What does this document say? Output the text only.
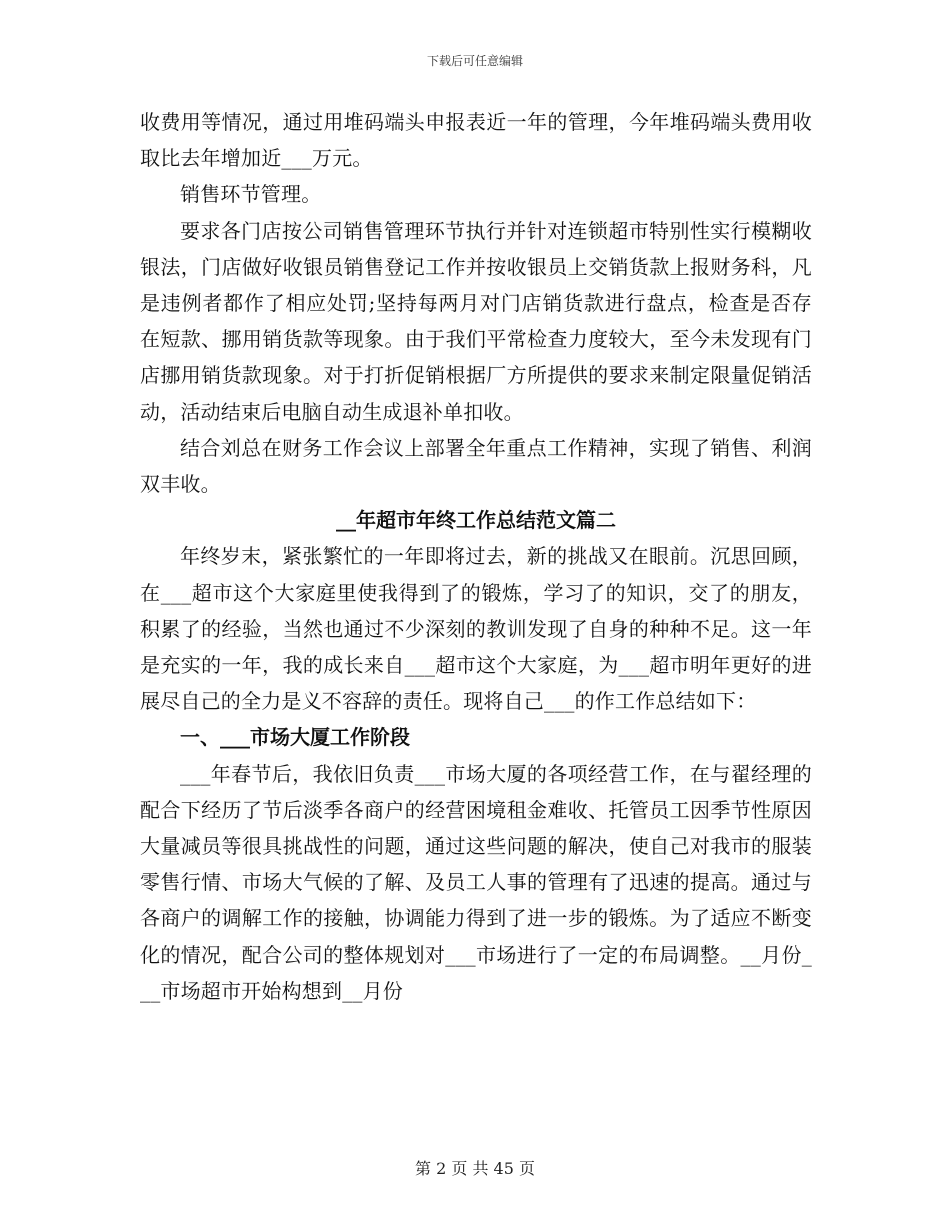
下载后可任意编辑

收费用等情况，通过用堆码端头申报表近一年的管理，今年堆码端头费用收取比去年增加近___万元。

销售环节管理。

要求各门店按公司销售管理环节执行并针对连锁超市特别性实行模糊收银法，门店做好收银员销售登记工作并按收银员上交销货款上报财务科，凡是违例者都作了相应处罚;坚持每两月对门店销货款进行盘点，检查是否存在短款、挪用销货款等现象。由于我们平常检查力度较大，至今未发现有门店挪用销货款现象。对于打折促销根据厂方所提供的要求来制定限量促销活动，活动结束后电脑自动生成退补单扣收。

结合刘总在财务工作会议上部署全年重点工作精神，实现了销售、利润双丰收。

__年超市年终工作总结范文篇二

年终岁末，紧张繁忙的一年即将过去，新的挑战又在眼前。沉思回顾，在___超市这个大家庭里使我得到了的锻炼，学习了的知识，交了的朋友，积累了的经验，当然也通过不少深刻的教训发现了自身的种种不足。这一年是充实的一年，我的成长来自___超市这个大家庭，为___超市明年更好的进展尽自己的全力是义不容辞的责任。现将自己___的作工作总结如下：

一、___市场大厦工作阶段

___年春节后，我依旧负责___市场大厦的各项经营工作，在与翟经理的配合下经历了节后淡季各商户的经营困境租金难收、托管员工因季节性原因大量减员等很具挑战性的问题，通过这些问题的解决，使自己对我市的服装零售行情、市场大气候的了解、及员工人事的管理有了迅速的提高。通过与各商户的调解工作的接触，协调能力得到了进一步的锻炼。为了适应不断变化的情况，配合公司的整体规划对___市场进行了一定的布局调整。__月份___市场超市开始构想到__月份

第 2 页 共 45 页
